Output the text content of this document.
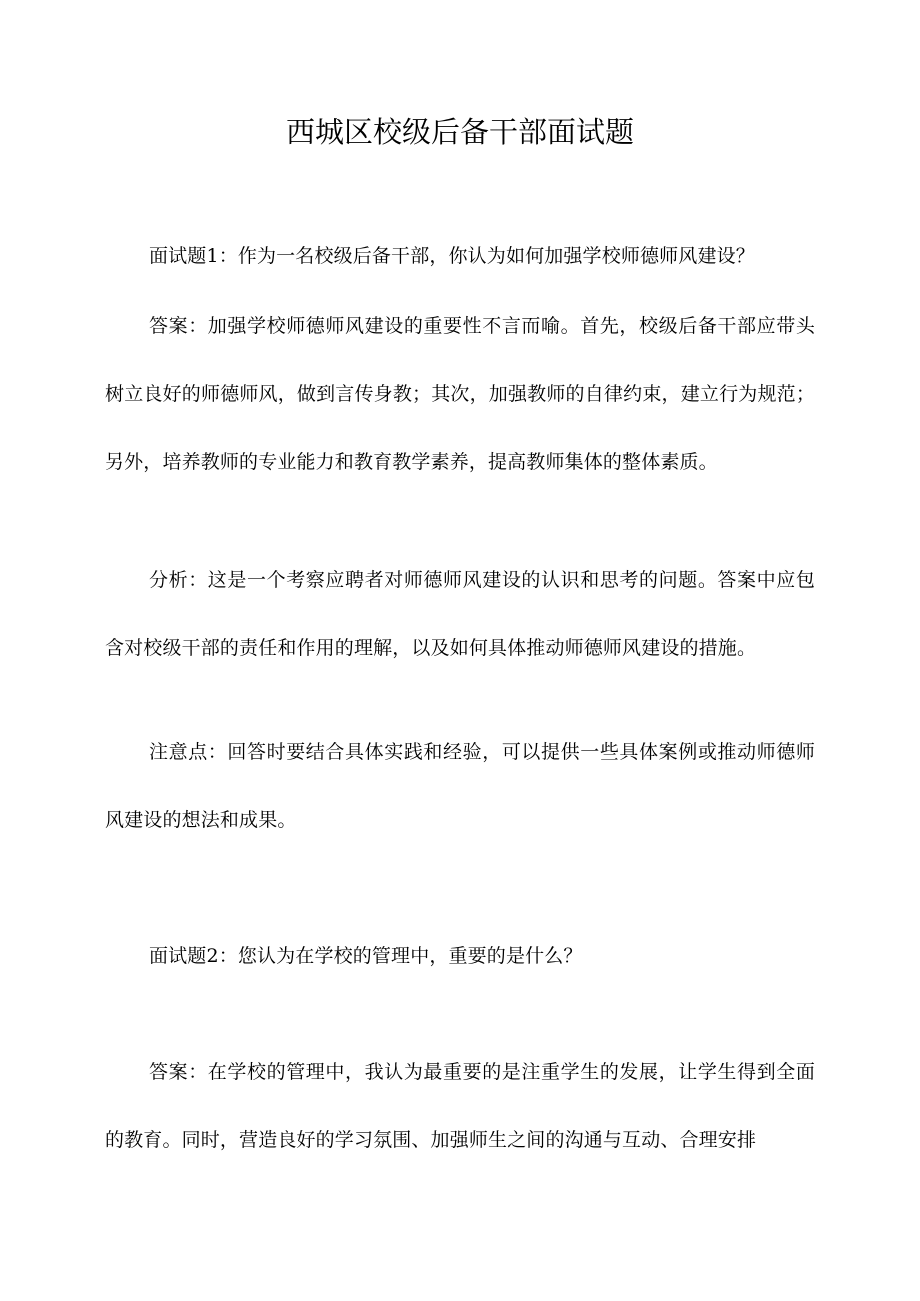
西城区校级后备干部面试题

面试题1：作为一名校级后备干部，你认为如何加强学校师德师风建设？

答案：加强学校师德师风建设的重要性不言而喻。首先，校级后备干部应带头树立良好的师德师风，做到言传身教；其次，加强教师的自律约束，建立行为规范；另外，培养教师的专业能力和教育教学素养，提高教师集体的整体素质。

分析：这是一个考察应聘者对师德师风建设的认识和思考的问题。答案中应包含对校级干部的责任和作用的理解，以及如何具体推动师德师风建设的措施。

注意点：回答时要结合具体实践和经验，可以提供一些具体案例或推动师德师风建设的想法和成果。

面试题2：您认为在学校的管理中，重要的是什么？

答案：在学校的管理中，我认为最重要的是注重学生的发展，让学生得到全面的教育。同时，营造良好的学习氛围、加强师生之间的沟通与互动、合理安排
